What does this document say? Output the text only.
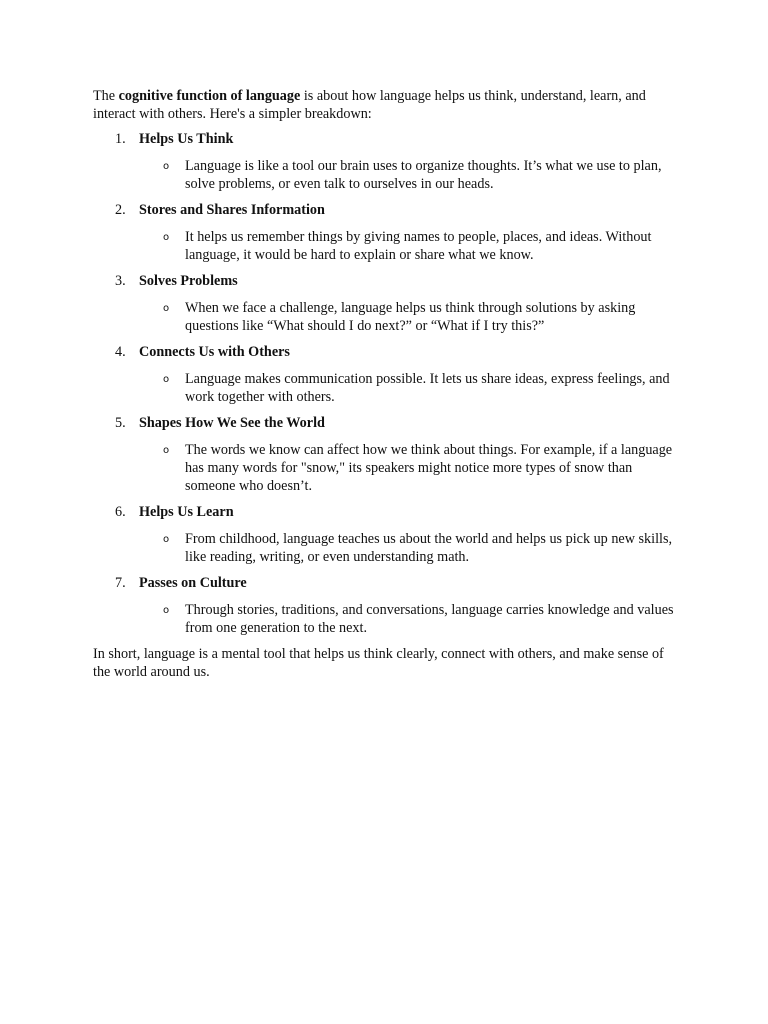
The cognitive function of language is about how language helps us think, understand, learn, and interact with others. Here's a simpler breakdown:

1. Helps Us Think
o	Language is like a tool our brain uses to organize thoughts. It’s what we use to plan, solve problems, or even talk to ourselves in our heads.
2. Stores and Shares Information
o	It helps us remember things by giving names to people, places, and ideas. Without language, it would be hard to explain or share what we know.
3. Solves Problems
o	When we face a challenge, language helps us think through solutions by asking questions like “What should I do next?” or “What if I try this?”
4. Connects Us with Others
o	Language makes communication possible. It lets us share ideas, express feelings, and work together with others.
5. Shapes How We See the World
o	The words we know can affect how we think about things. For example, if a language has many words for "snow," its speakers might notice more types of snow than someone who doesn’t.
6. Helps Us Learn
o	From childhood, language teaches us about the world and helps us pick up new skills, like reading, writing, or even understanding math.
7. Passes on Culture
o	Through stories, traditions, and conversations, language carries knowledge and values from one generation to the next.

In short, language is a mental tool that helps us think clearly, connect with others, and make sense of the world around us.
